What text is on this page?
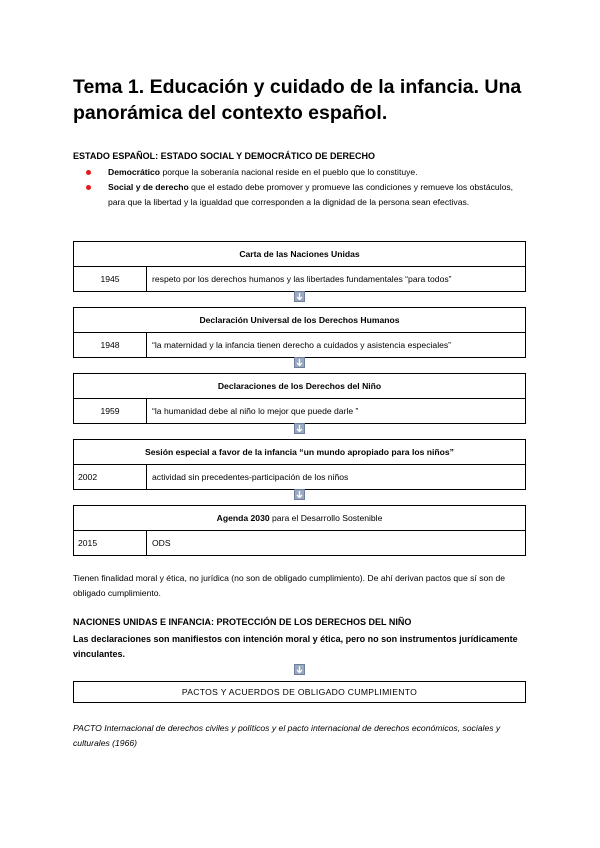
Tema 1. Educación y cuidado de la infancia. Una panorámica del contexto español.
ESTADO ESPAÑOL: ESTADO SOCIAL Y DEMOCRÁTICO DE DERECHO
Democrático porque la soberanía nacional reside en el pueblo que lo constituye.
Social y de derecho que el estado debe promover y promueve las condiciones y remueve los obstáculos, para que la libertad y la igualdad que corresponden a la dignidad de la persona sean efectivas.
Carta de las Naciones Unidas
1945	respeto por los derechos humanos y las libertades fundamentales “para todos”
Declaración Universal de los Derechos Humanos
1948	“la maternidad y la infancia tienen derecho a cuidados y asistencia especiales”
Declaraciones de los Derechos del Niño
1959	“la humanidad debe al niño lo mejor que puede darle ”
Sesión especial a favor de la infancia “un mundo apropiado para los niños”
2002	actividad sin precedentes-participación de los niños
Agenda 2030 para el Desarrollo Sostenible
2015	ODS
Tienen finalidad moral y ética, no jurídica (no son de obligado cumplimiento). De ahí derivan pactos que sí son de obligado cumplimiento.
NACIONES UNIDAS E INFANCIA: PROTECCIÓN DE LOS DERECHOS DEL NIÑO
Las declaraciones son manifiestos con intención moral y ética, pero no son instrumentos jurídicamente vinculantes.
PACTOS Y ACUERDOS DE OBLIGADO CUMPLIMIENTO
PACTO Internacional de derechos civiles y políticos y el pacto internacional de derechos económicos, sociales y culturales (1966)
